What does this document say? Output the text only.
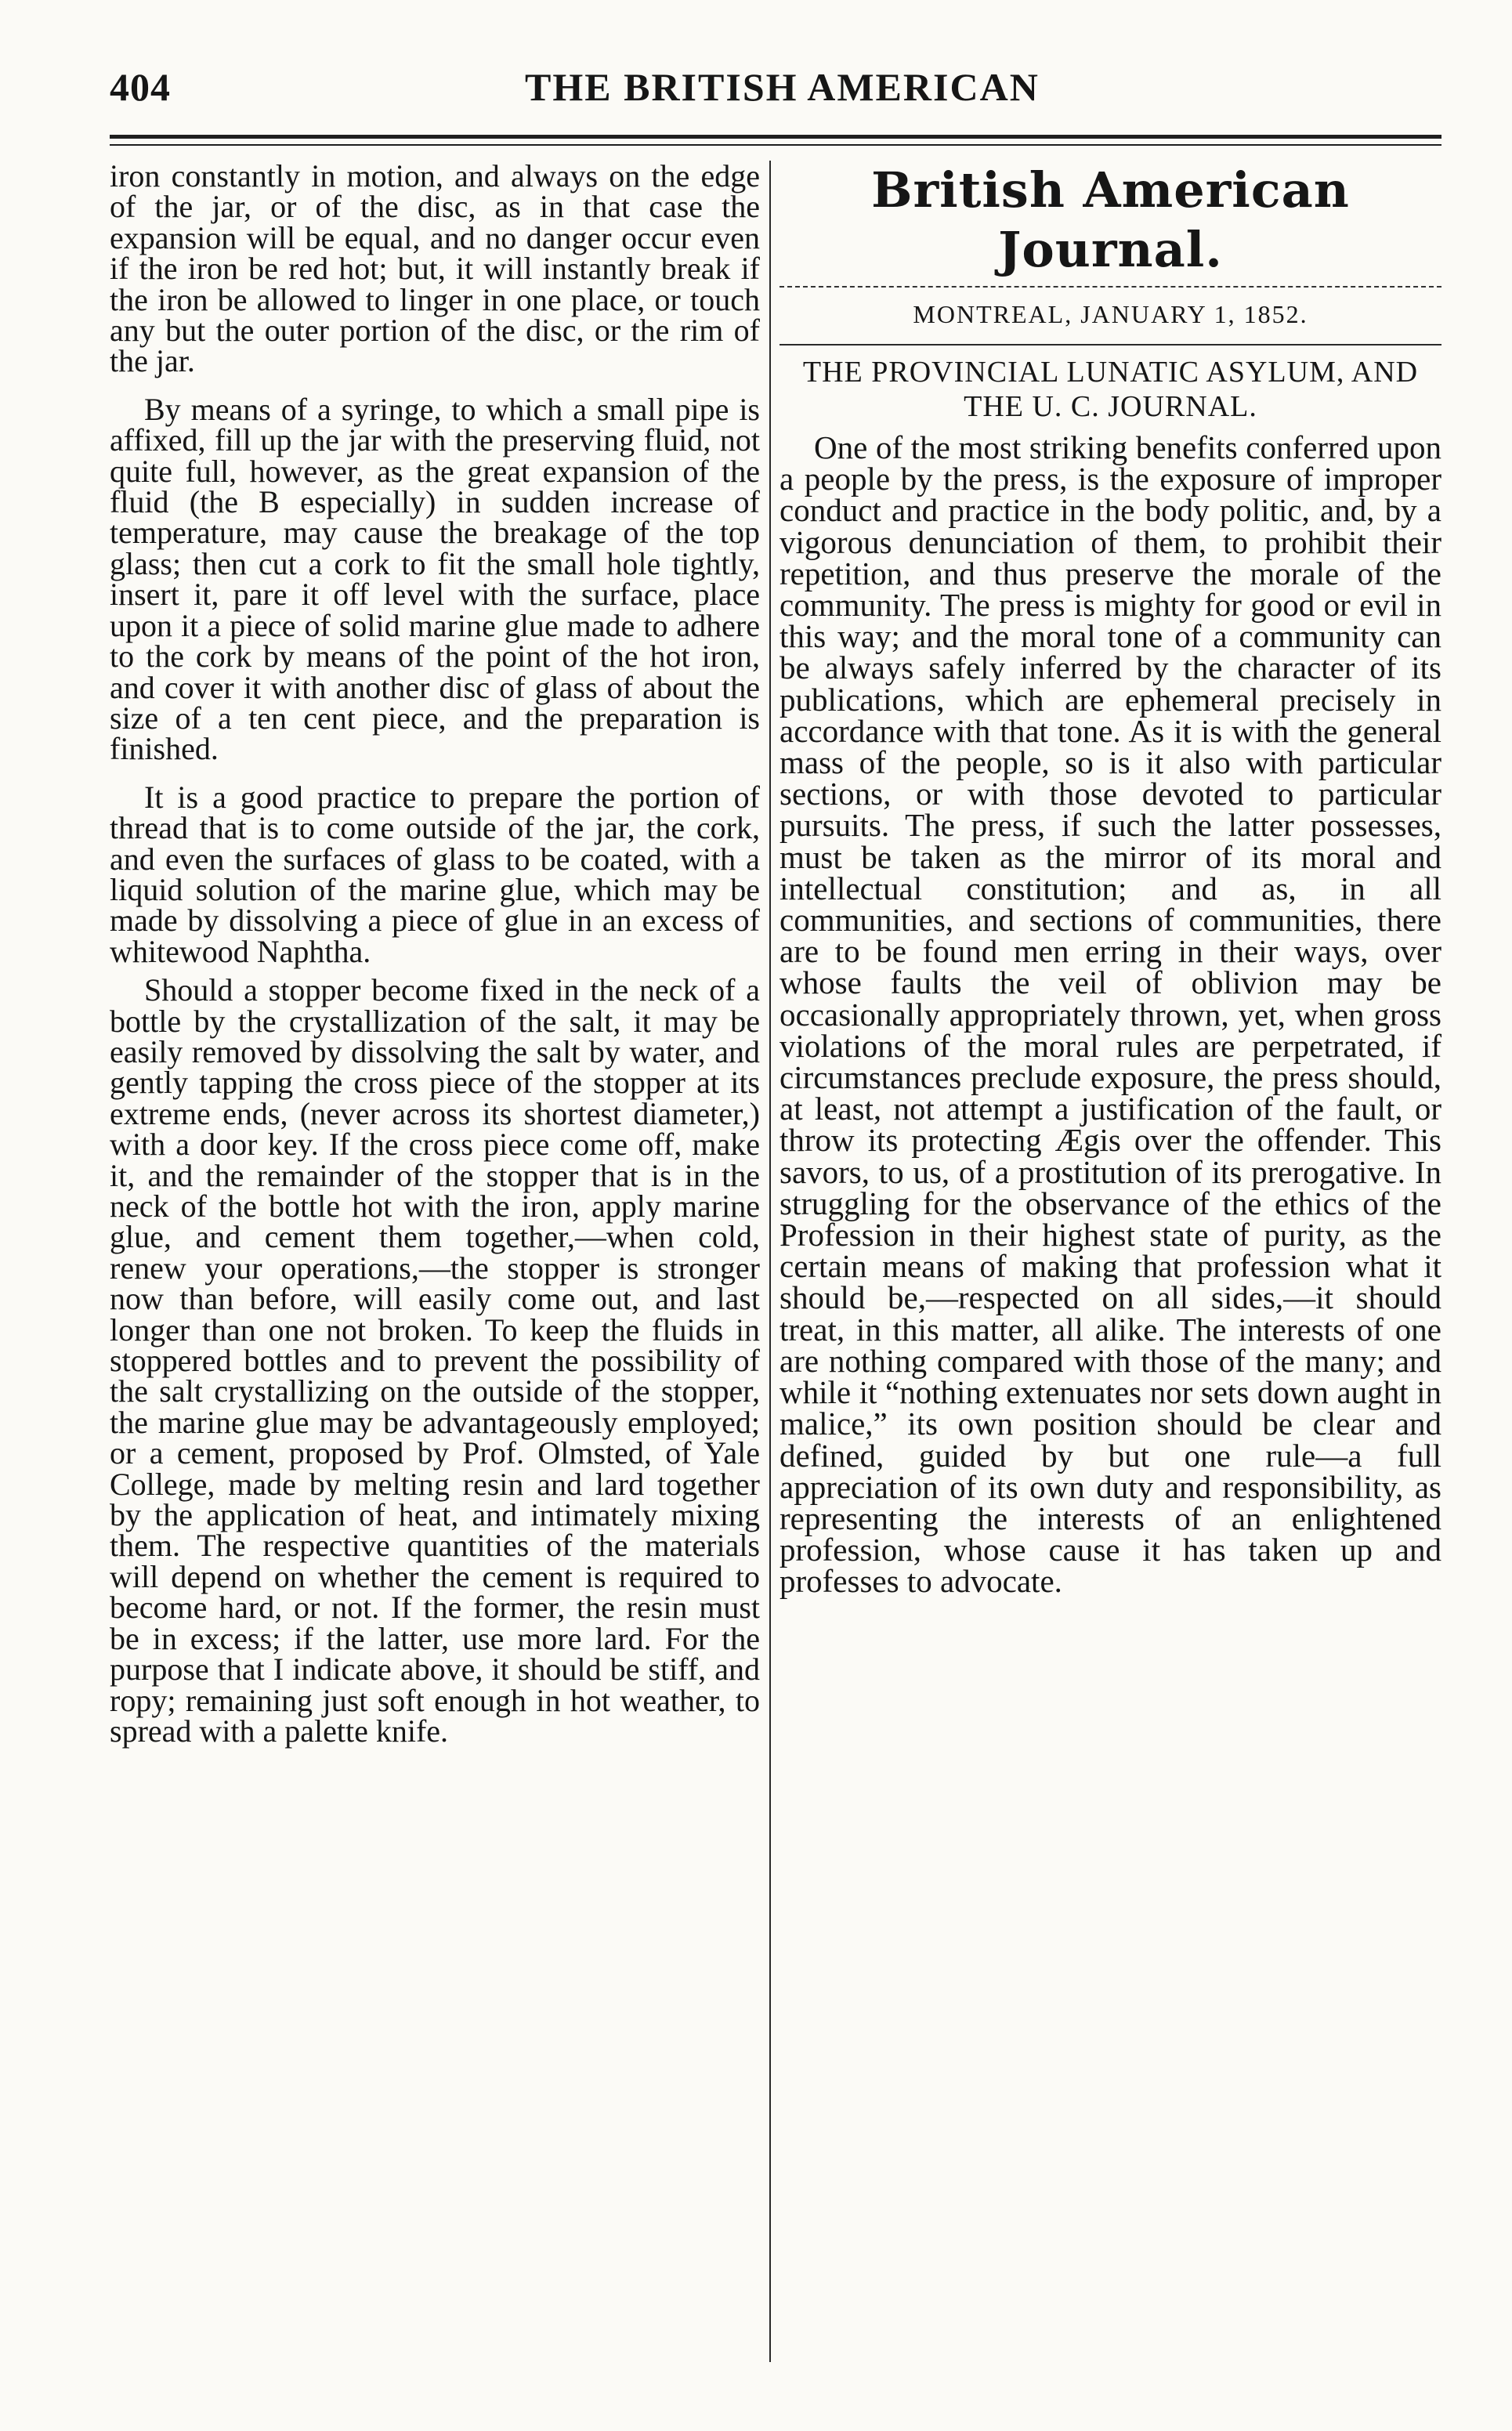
404	THE BRITISH AMERICAN

iron constantly in motion, and always on the edge of the jar, or of the disc, as in that case the expansion will be equal, and no danger occur even if the iron be red hot; but, it will instantly break if the iron be allowed to linger in one place, or touch any but the outer portion of the disc, or the rim of the jar.

By means of a syringe, to which a small pipe is affixed, fill up the jar with the preserving fluid, not quite full, however, as the great expansion of the fluid (the B especially) in sudden increase of temperature, may cause the breakage of the top glass; then cut a cork to fit the small hole tightly, insert it, pare it off level with the surface, place upon it a piece of solid marine glue made to adhere to the cork by means of the point of the hot iron, and cover it with another disc of glass of about the size of a ten cent piece, and the preparation is finished.

It is a good practice to prepare the portion of thread that is to come outside of the jar, the cork, and even the surfaces of glass to be coated, with a liquid solution of the marine glue, which may be made by dissolving a piece of glue in an excess of whitewood Naphtha.

Should a stopper become fixed in the neck of a bottle by the crystallization of the salt, it may be easily removed by dissolving the salt by water, and gently tapping the cross piece of the stopper at its extreme ends, (never across its shortest diameter,) with a door key. If the cross piece come off, make it, and the remainder of the stopper that is in the neck of the bottle hot with the iron, apply marine glue, and cement them together,—when cold, renew your operations,—the stopper is stronger now than before, will easily come out, and last longer than one not broken. To keep the fluids in stoppered bottles and to prevent the possibility of the salt crystallizing on the outside of the stopper, the marine glue may be advantageously employed; or a cement, proposed by Prof. Olmsted, of Yale College, made by melting resin and lard together by the application of heat, and intimately mixing them. The respective quantities of the materials will depend on whether the cement is required to become hard, or not. If the former, the resin must be in excess; if the latter, use more lard. For the purpose that I indicate above, it should be stiff, and ropy; remaining just soft enough in hot weather, to spread with a palette knife.

British American Journal.

MONTREAL, JANUARY 1, 1852.

THE PROVINCIAL LUNATIC ASYLUM, AND THE U. C. JOURNAL.

One of the most striking benefits conferred upon a people by the press, is the exposure of improper conduct and practice in the body politic, and, by a vigorous denunciation of them, to prohibit their repetition, and thus preserve the morale of the community. The press is mighty for good or evil in this way; and the moral tone of a community can be always safely inferred by the character of its publications, which are ephemeral precisely in accordance with that tone. As it is with the general mass of the people, so is it also with particular sections, or with those devoted to particular pursuits. The press, if such the latter possesses, must be taken as the mirror of its moral and intellectual constitution; and as, in all communities, and sections of communities, there are to be found men erring in their ways, over whose faults the veil of oblivion may be occasionally appropriately thrown, yet, when gross violations of the moral rules are perpetrated, if circumstances preclude exposure, the press should, at least, not attempt a justification of the fault, or throw its protecting Ægis over the offender. This savors, to us, of a prostitution of its prerogative. In struggling for the observance of the ethics of the Profession in their highest state of purity, as the certain means of making that profession what it should be,—respected on all sides,—it should treat, in this matter, all alike. The interests of one are nothing compared with those of the many; and while it “nothing extenuates nor sets down aught in malice,” its own position should be clear and defined, guided by but one rule—a full appreciation of its own duty and responsibility, as representing the interests of an enlightened profession, whose cause it has taken up and professes to advocate.
